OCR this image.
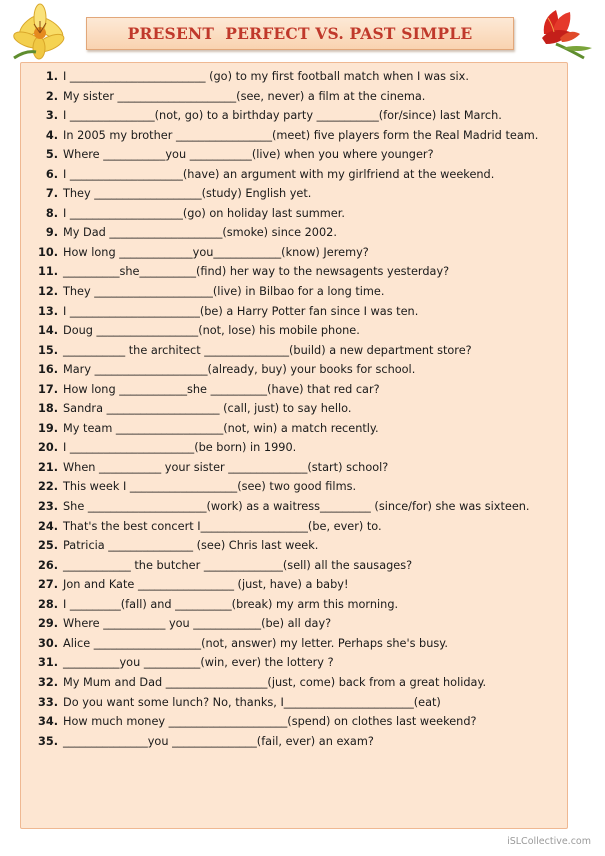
PRESENT  PERFECT VS. PAST SIMPLE
1. I ________________________ (go) to my first football match when I was six.
2. My sister _____________________(see, never) a film at the cinema.
3. I _______________(not, go) to a birthday party ___________(for/since) last March.
4. In 2005 my brother _________________(meet) five players form the Real Madrid team.
5. Where ___________you ___________(live) when you where younger?
6. I ____________________(have) an argument with my girlfriend at the weekend.
7. They ___________________(study) English yet.
8. I ____________________(go) on holiday last summer.
9. My Dad ____________________(smoke) since 2002.
10. How long _____________you____________(know) Jeremy?
11. __________she__________(find) her way to the newsagents yesterday?
12. They _____________________(live) in Bilbao for a long time.
13. I _______________________(be) a Harry Potter fan since I was ten.
14. Doug __________________(not, lose) his mobile phone.
15. ___________ the architect _______________(build) a new department store?
16. Mary ____________________(already, buy) your books for school.
17. How long ____________she __________(have) that red car?
18. Sandra ____________________ (call, just) to say hello.
19. My team ___________________(not, win) a match recently.
20. I ______________________(be born) in 1990.
21. When ___________ your sister ______________(start) school?
22. This week I ___________________(see) two good films.
23. She _____________________(work) as a waitress_________ (since/for) she was sixteen.
24. That's the best concert I___________________(be, ever) to.
25. Patricia _______________ (see) Chris last week.
26. ____________ the butcher ______________(sell) all the sausages?
27. Jon and Kate _________________ (just, have) a baby!
28. I _________(fall) and __________(break) my arm this morning.
29. Where ___________ you ____________(be) all day?
30. Alice ___________________(not, answer) my letter. Perhaps she's busy.
31. __________you __________(win, ever) the lottery ?
32. My Mum and Dad __________________(just, come) back from a great holiday.
33. Do you want some lunch? No, thanks, I_______________________(eat)
34. How much money _____________________(spend) on clothes last weekend?
35. _______________you _______________(fail, ever) an exam?
iSLCollective.com
